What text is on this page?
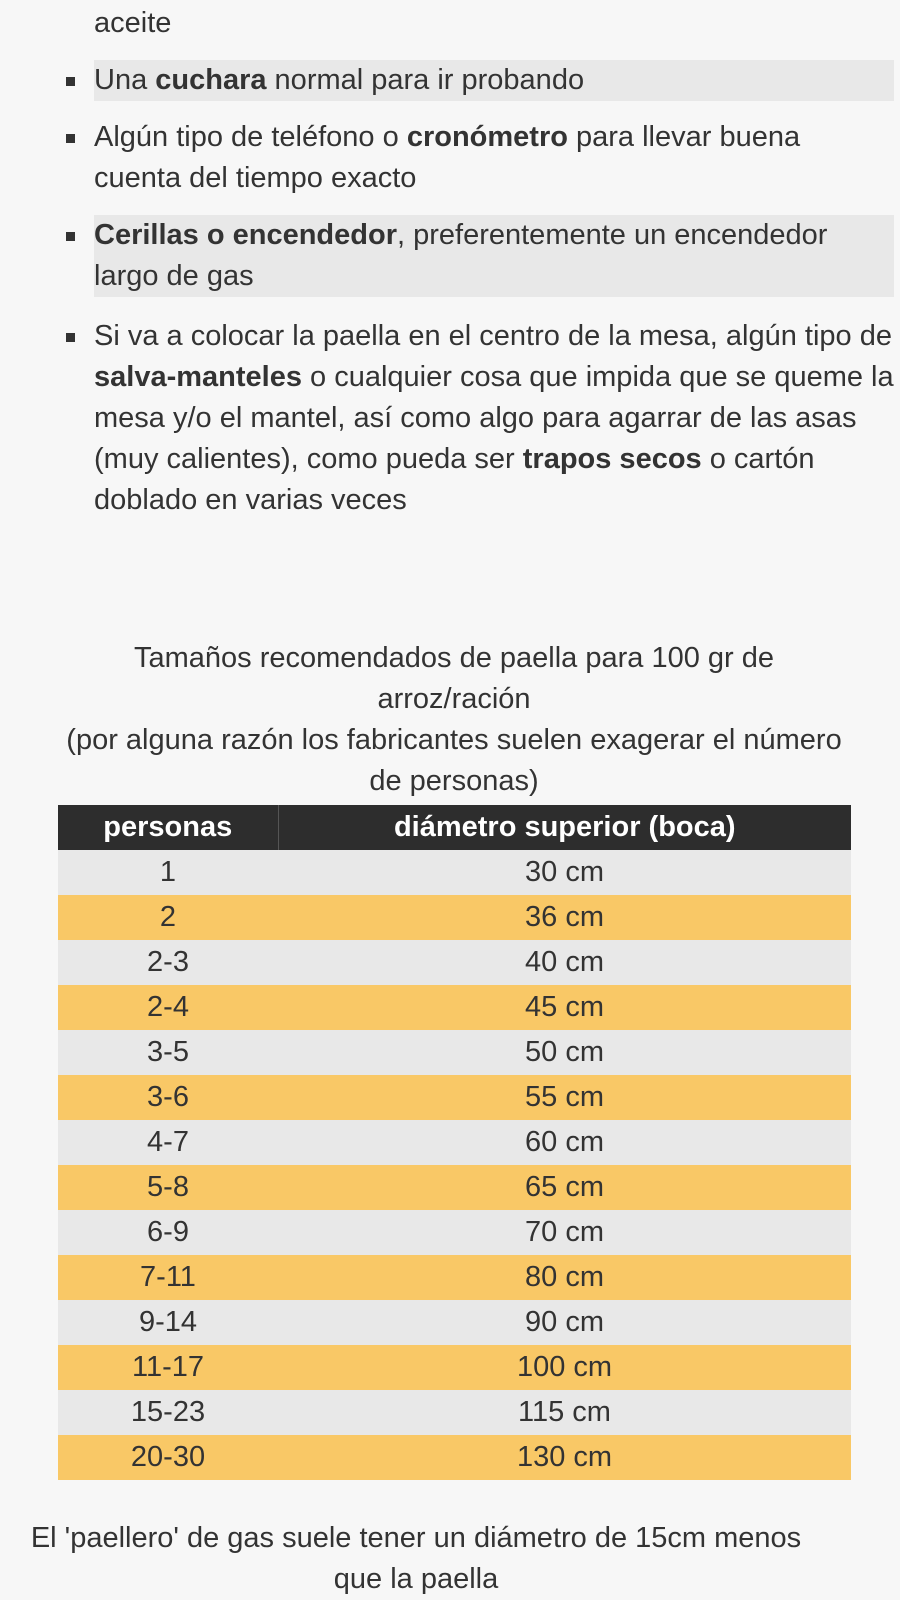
aceite
Una cuchara normal para ir probando
Algún tipo de teléfono o cronómetro para llevar buena cuenta del tiempo exacto
Cerillas o encendedor, preferentemente un encendedor largo de gas
Si va a colocar la paella en el centro de la mesa, algún tipo de salva-manteles o cualquier cosa que impida que se queme la mesa y/o el mantel, así como algo para agarrar de las asas (muy calientes), como pueda ser trapos secos o cartón doblado en varias veces
Tamaños recomendados de paella para 100 gr de arroz/ración
(por alguna razón los fabricantes suelen exagerar el número de personas)
personas	diámetro superior (boca)
1	30 cm
2	36 cm
2-3	40 cm
2-4	45 cm
3-5	50 cm
3-6	55 cm
4-7	60 cm
5-8	65 cm
6-9	70 cm
7-11	80 cm
9-14	90 cm
11-17	100 cm
15-23	115 cm
20-30	130 cm
El 'paellero' de gas suele tener un diámetro de 15cm menos que la paella
